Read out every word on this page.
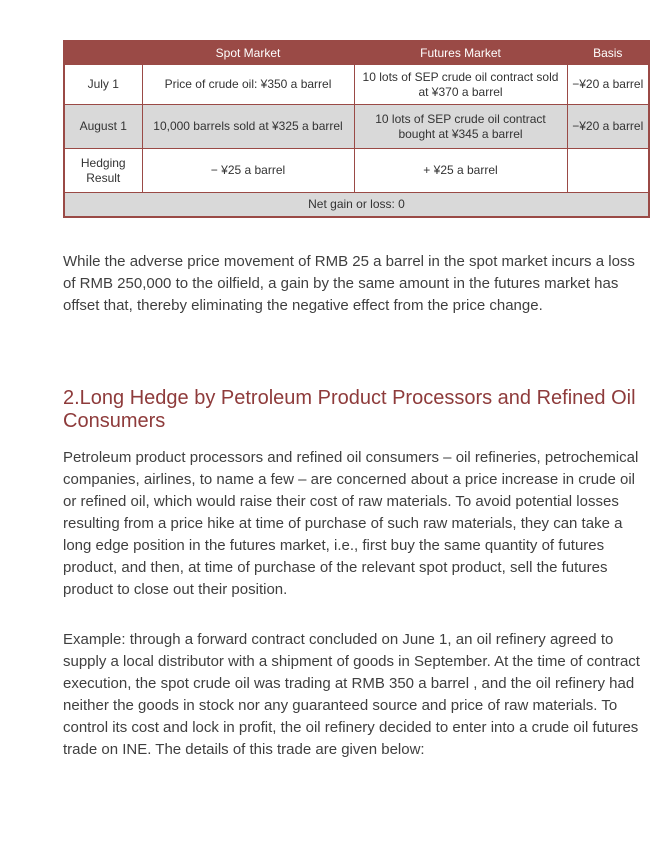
	Spot Market	Futures Market	Basis
July 1	Price of crude oil: ¥350 a barrel	10 lots of SEP crude oil contract sold at ¥370 a barrel	−¥20 a barrel
August 1	10,000 barrels sold at ¥325 a barrel	10 lots of SEP crude oil contract bought at ¥345 a barrel	−¥20 a barrel
Hedging Result	− ¥25 a barrel	+ ¥25 a barrel	
Net gain or loss: 0			

While the adverse price movement of RMB 25 a barrel in the spot market incurs a loss of RMB 250,000 to the oilfield, a gain by the same amount in the futures market has offset that, thereby eliminating the negative effect from the price change.

2.Long Hedge by Petroleum Product Processors and Refined Oil Consumers

Petroleum product processors and refined oil consumers – oil refineries, petrochemical companies, airlines, to name a few – are concerned about a price increase in crude oil or refined oil, which would raise their cost of raw materials. To avoid potential losses resulting from a price hike at time of purchase of such raw materials, they can take a long edge position in the futures market, i.e., first buy the same quantity of futures product, and then, at time of purchase of the relevant spot product, sell the futures product to close out their position.

Example: through a forward contract concluded on June 1, an oil refinery agreed to supply a local distributor with a shipment of goods in September. At the time of contract execution, the spot crude oil was trading at RMB 350 a barrel , and the oil refinery had neither the goods in stock nor any guaranteed source and price of raw materials. To control its cost and lock in profit, the oil refinery decided to enter into a crude oil futures trade on INE. The details of this trade are given below:
